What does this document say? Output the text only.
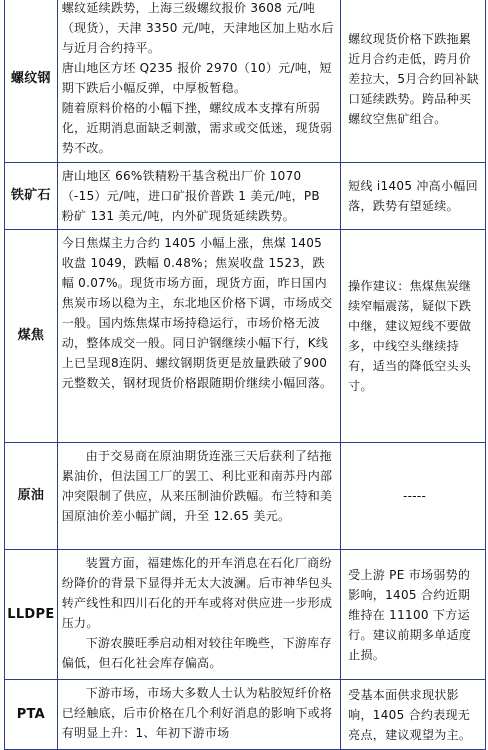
螺纹钢	螺纹延续跌势，上海三级螺纹报价 3608 元/吨（现货），天津 3350 元/吨，天津地区加上贴水后与近月合约持平。

唐山地区方坯 Q235 报价 2970（10）元/吨，短期下跌后小幅反弹，中厚板暂稳。

随着原料价格的小幅下挫，螺纹成本支撑有所弱化，近期消息面缺乏刺激，需求或交低迷，现货弱势不改。	螺纹现货价格下跌拖累近月合约走低，跨月价差拉大，5月合约回补缺口延续跌势。跨品种买螺纹空焦矿组合。
铁矿石	唐山地区 66%铁精粉干基含税出厂价 1070（-15）元/吨，进口矿报价普跌 1 美元/吨，PB 粉矿 131 美元/吨，内外矿现货延续跌势。	短线 i1405 冲高小幅回落，跌势有望延续。
煤焦	今日焦煤主力合约 1405 小幅上涨，焦煤 1405 收盘 1049，跌幅 0.48%；焦炭收盘 1523，跌幅 0.07%。现货市场方面，现货方面，昨日国内焦炭市场以稳为主，东北地区价格下调，市场成交一般。国内炼焦煤市场持稳运行，市场价格无波动，整体成交一般。同日沪钢继续小幅下行，K线上已呈现8连阴、螺纹钢期货更是放量跌破了900元整数关，钢材现货价格跟随期价继续小幅回落。	操作建议：焦煤焦炭继续窄幅震荡，疑似下跌中继，建议短线不要做多，中线空头继续持有，适当的降低空头头寸。
原油	由于交易商在原油期货连涨三天后获利了结拖累油价，但法国工厂的罢工、利比亚和南苏丹内部冲突限制了供应，从来压制油价跌幅。布兰特和美国原油价差小幅扩阔，升至 12.65 美元。	-----
LLDPE	装置方面，福建炼化的开车消息在石化厂商纷纷降价的背景下显得并无太大波澜。后市神华包头转产线性和四川石化的开车或将对供应进一步形成压力。

下游农膜旺季启动相对较往年晚些，下游库存偏低，但石化社会库存偏高。	受上游 PE 市场弱势的影响，1405 合约近期维持在 11100 下方运行。建议前期多单适度止损。
PTA	下游市场，市场大多数人士认为粘胶短纤价格已经触底，后市价格在几个利好消息的影响下或将有明显上升：1、年初下游市场	受基本面供求现状影响，1405 合约表现无亮点，建议观望为主。
